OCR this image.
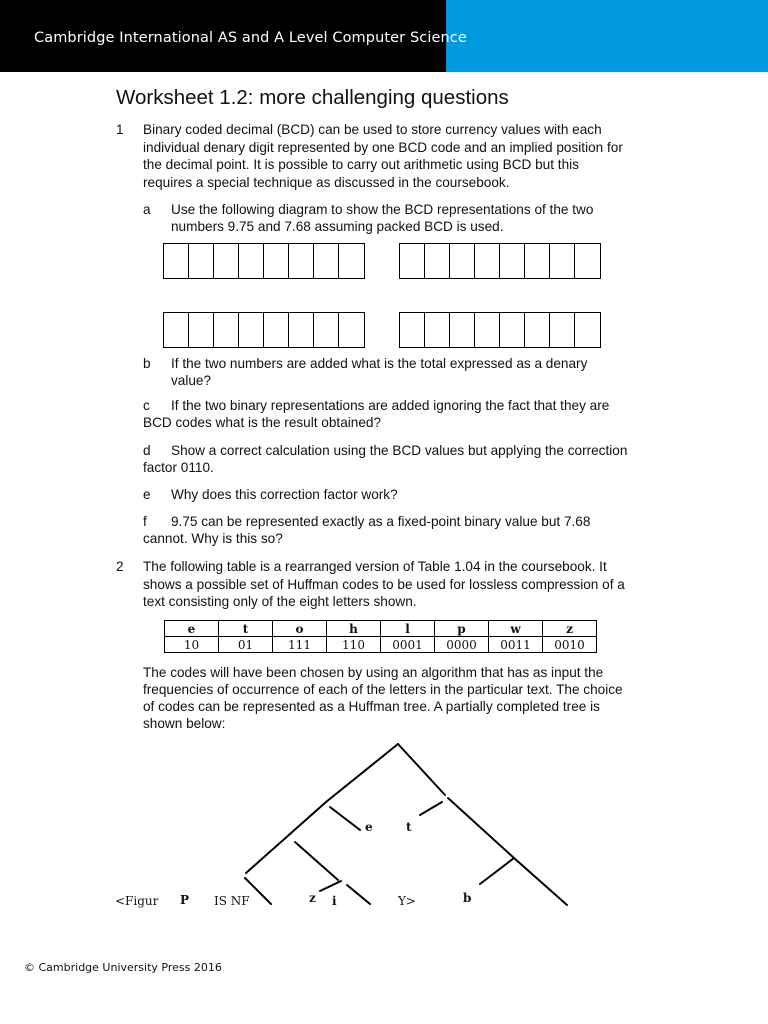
Cambridge International AS and A Level Computer Science
Worksheet 1.2: more challenging questions
1 Binary coded decimal (BCD) can be used to store currency values with each
individual denary digit represented by one BCD code and an implied position for
the decimal point. It is possible to carry out arithmetic using BCD but this
requires a special technique as discussed in the coursebook.
a Use the following diagram to show the BCD representations of the two
numbers 9.75 and 7.68 assuming packed BCD is used.
b If the two numbers are added what is the total expressed as a denary
value?
c If the two binary representations are added ignoring the fact that they are
BCD codes what is the result obtained?
d Show a correct calculation using the BCD values but applying the correction
factor 0110.
e Why does this correction factor work?
f 9.75 can be represented exactly as a fixed-point binary value but 7.68
cannot. Why is this so?
2 The following table is a rearranged version of Table 1.04 in the coursebook. It
shows a possible set of Huffman codes to be used for lossless compression of a
text consisting only of the eight letters shown.
e	t	o	h	l	p	w	z
10	01	111	110	0001	0000	0011	0010
The codes will have been chosen by using an algorithm that has as input the
frequencies of occurrence of each of the letters in the particular text. The choice
of codes can be represented as a Huffman tree. A partially completed tree is
shown below:
e	t
<Figur P IS NF	z i	Y>	b
© Cambridge University Press 2016
